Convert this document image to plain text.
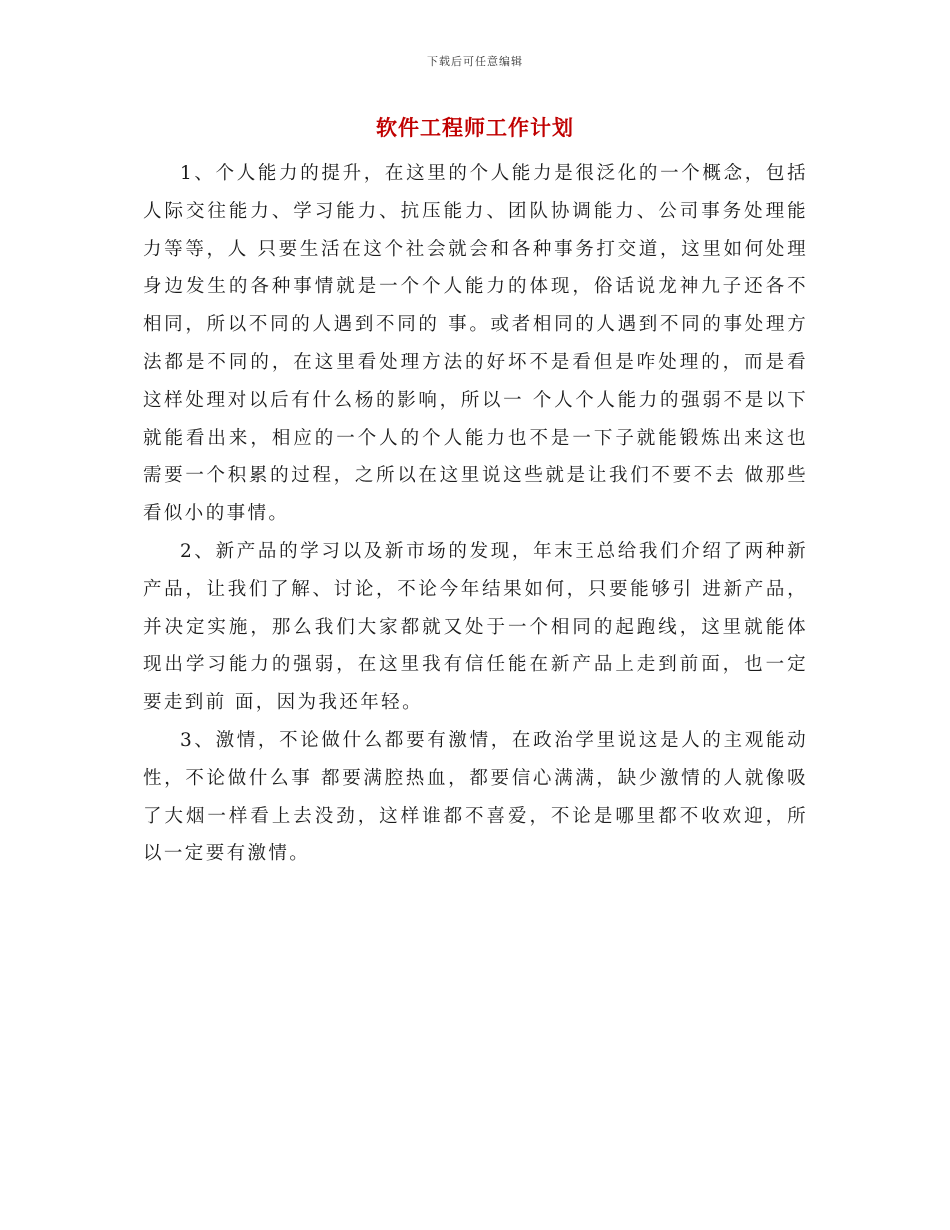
下载后可任意编辑
软件工程师工作计划

1、个人能力的提升，在这里的个人能力是很泛化的一个概念，包括人际交往能力、学习能力、抗压能力、团队协调能力、公司事务处理能力等等，人 只要生活在这个社会就会和各种事务打交道，这里如何处理身边发生的各种事情就是一个个人能力的体现，俗话说龙神九子还各不相同，所以不同的人遇到不同的 事。或者相同的人遇到不同的事处理方法都是不同的，在这里看处理方法的好坏不是看但是咋处理的，而是看这样处理对以后有什么杨的影响，所以一 个人个人能力的强弱不是以下就能看出来，相应的一个人的个人能力也不是一下子就能锻炼出来这也需要一个积累的过程，之所以在这里说这些就是让我们不要不去 做那些看似小的事情。

2、新产品的学习以及新市场的发现，年末王总给我们介绍了两种新产品，让我们了解、讨论，不论今年结果如何，只要能够引 进新产品，并决定实施，那么我们大家都就又处于一个相同的起跑线，这里就能体现出学习能力的强弱，在这里我有信任能在新产品上走到前面，也一定要走到前 面，因为我还年轻。

3、激情，不论做什么都要有激情，在政治学里说这是人的主观能动性，不论做什么事 都要满腔热血，都要信心满满，缺少激情的人就像吸了大烟一样看上去没劲，这样谁都不喜爱，不论是哪里都不收欢迎，所以一定要有激情。
